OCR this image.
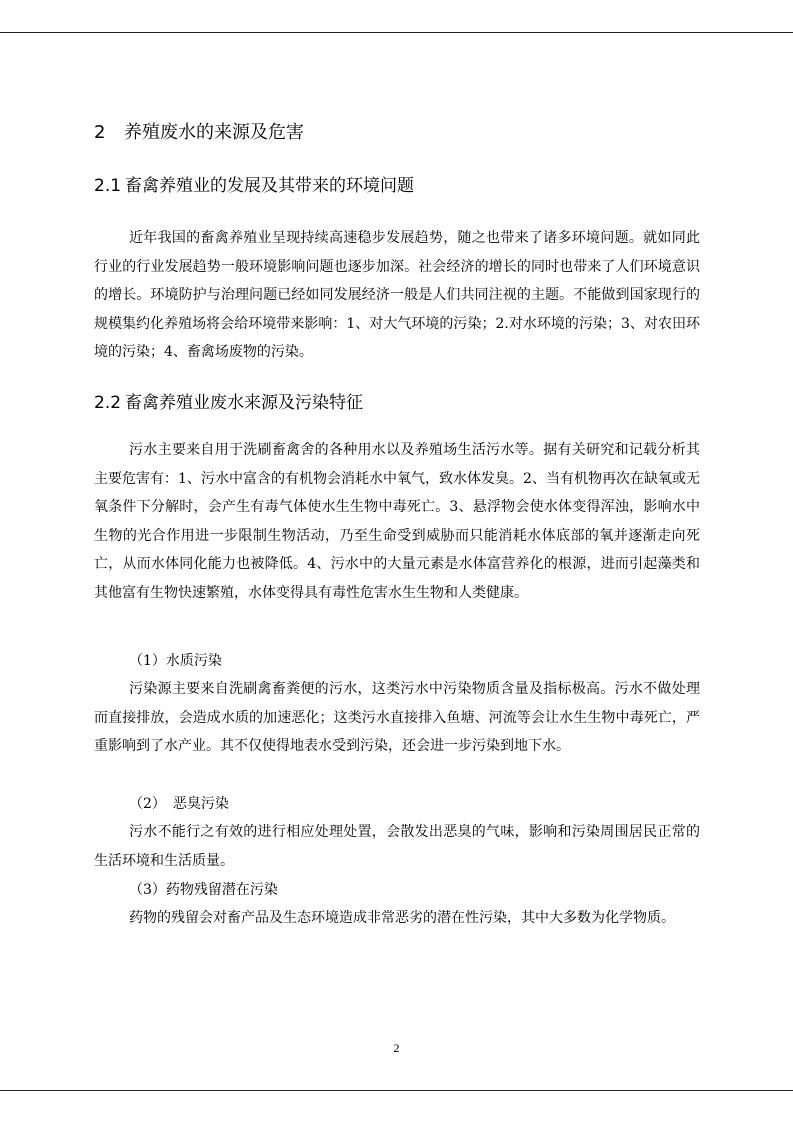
2 养殖废水的来源及危害
2.1 畜禽养殖业的发展及其带来的环境问题

近年我国的畜禽养殖业呈现持续高速稳步发展趋势，随之也带来了诸多环境问题。就如同此行业的行业发展趋势一般环境影响问题也逐步加深。社会经济的增长的同时也带来了人们环境意识的增长。环境防护与治理问题已经如同发展经济一般是人们共同注视的主题。不能做到国家现行的规模集约化养殖场将会给环境带来影响：1、对大气环境的污染；2.对水环境的污染；3、对农田环境的污染；4、畜禽场废物的污染。

2.2 畜禽养殖业废水来源及污染特征

污水主要来自用于洗刷畜禽舍的各种用水以及养殖场生活污水等。据有关研究和记载分析其主要危害有：1、污水中富含的有机物会消耗水中氧气，致水体发臭。2、当有机物再次在缺氧或无氧条件下分解时，会产生有毒气体使水生生物中毒死亡。3、悬浮物会使水体变得浑浊，影响水中生物的光合作用进一步限制生物活动，乃至生命受到威胁而只能消耗水体底部的氧并逐渐走向死亡，从而水体同化能力也被降低。4、污水中的大量元素是水体富营养化的根源，进而引起藻类和其他富有生物快速繁殖，水体变得具有毒性危害水生生物和人类健康。

（1）水质污染

污染源主要来自洗刷禽畜粪便的污水，这类污水中污染物质含量及指标极高。污水不做处理而直接排放，会造成水质的加速恶化；这类污水直接排入鱼塘、河流等会让水生生物中毒死亡，严重影响到了水产业。其不仅使得地表水受到污染，还会进一步污染到地下水。

（2）　恶臭污染

污水不能行之有效的进行相应处理处置，会散发出恶臭的气味，影响和污染周围居民正常的生活环境和生活质量。

（3）药物残留潜在污染

药物的残留会对畜产品及生态环境造成非常恶劣的潜在性污染，其中大多数为化学物质。

2
